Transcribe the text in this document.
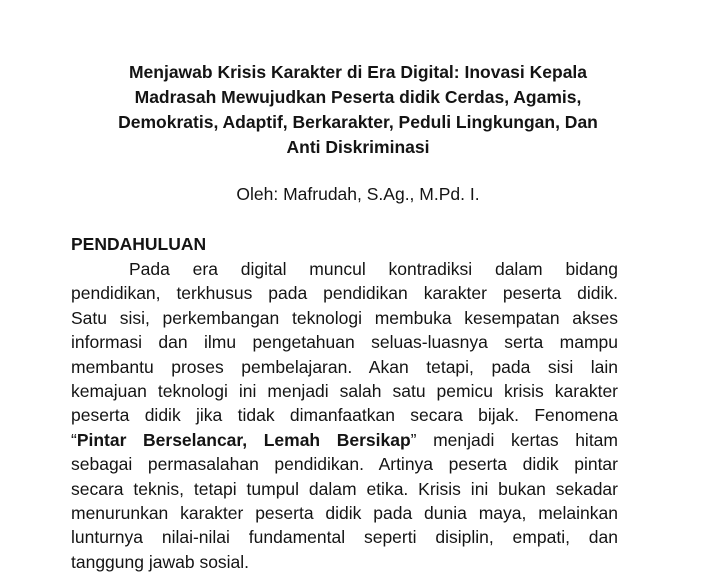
Menjawab Krisis Karakter di Era Digital: Inovasi Kepala
Madrasah Mewujudkan Peserta didik Cerdas, Agamis,
Demokratis, Adaptif, Berkarakter, Peduli Lingkungan, Dan
Anti Diskriminasi
Oleh: Mafrudah, S.Ag., M.Pd. I.
PENDAHULUAN
Pada era digital muncul kontradiksi dalam bidang
pendidikan, terkhusus pada pendidikan karakter peserta didik.
Satu sisi, perkembangan teknologi membuka kesempatan akses
informasi dan ilmu pengetahuan seluas-luasnya serta mampu
membantu proses pembelajaran. Akan tetapi, pada sisi lain
kemajuan teknologi ini menjadi salah satu pemicu krisis karakter
peserta didik jika tidak dimanfaatkan secara bijak. Fenomena
“Pintar Berselancar, Lemah Bersikap” menjadi kertas hitam
sebagai permasalahan pendidikan. Artinya peserta didik pintar
secara teknis, tetapi tumpul dalam etika. Krisis ini bukan sekadar
menurunkan karakter peserta didik pada dunia maya, melainkan
lunturnya nilai-nilai fundamental seperti disiplin, empati, dan
tanggung jawab sosial.
